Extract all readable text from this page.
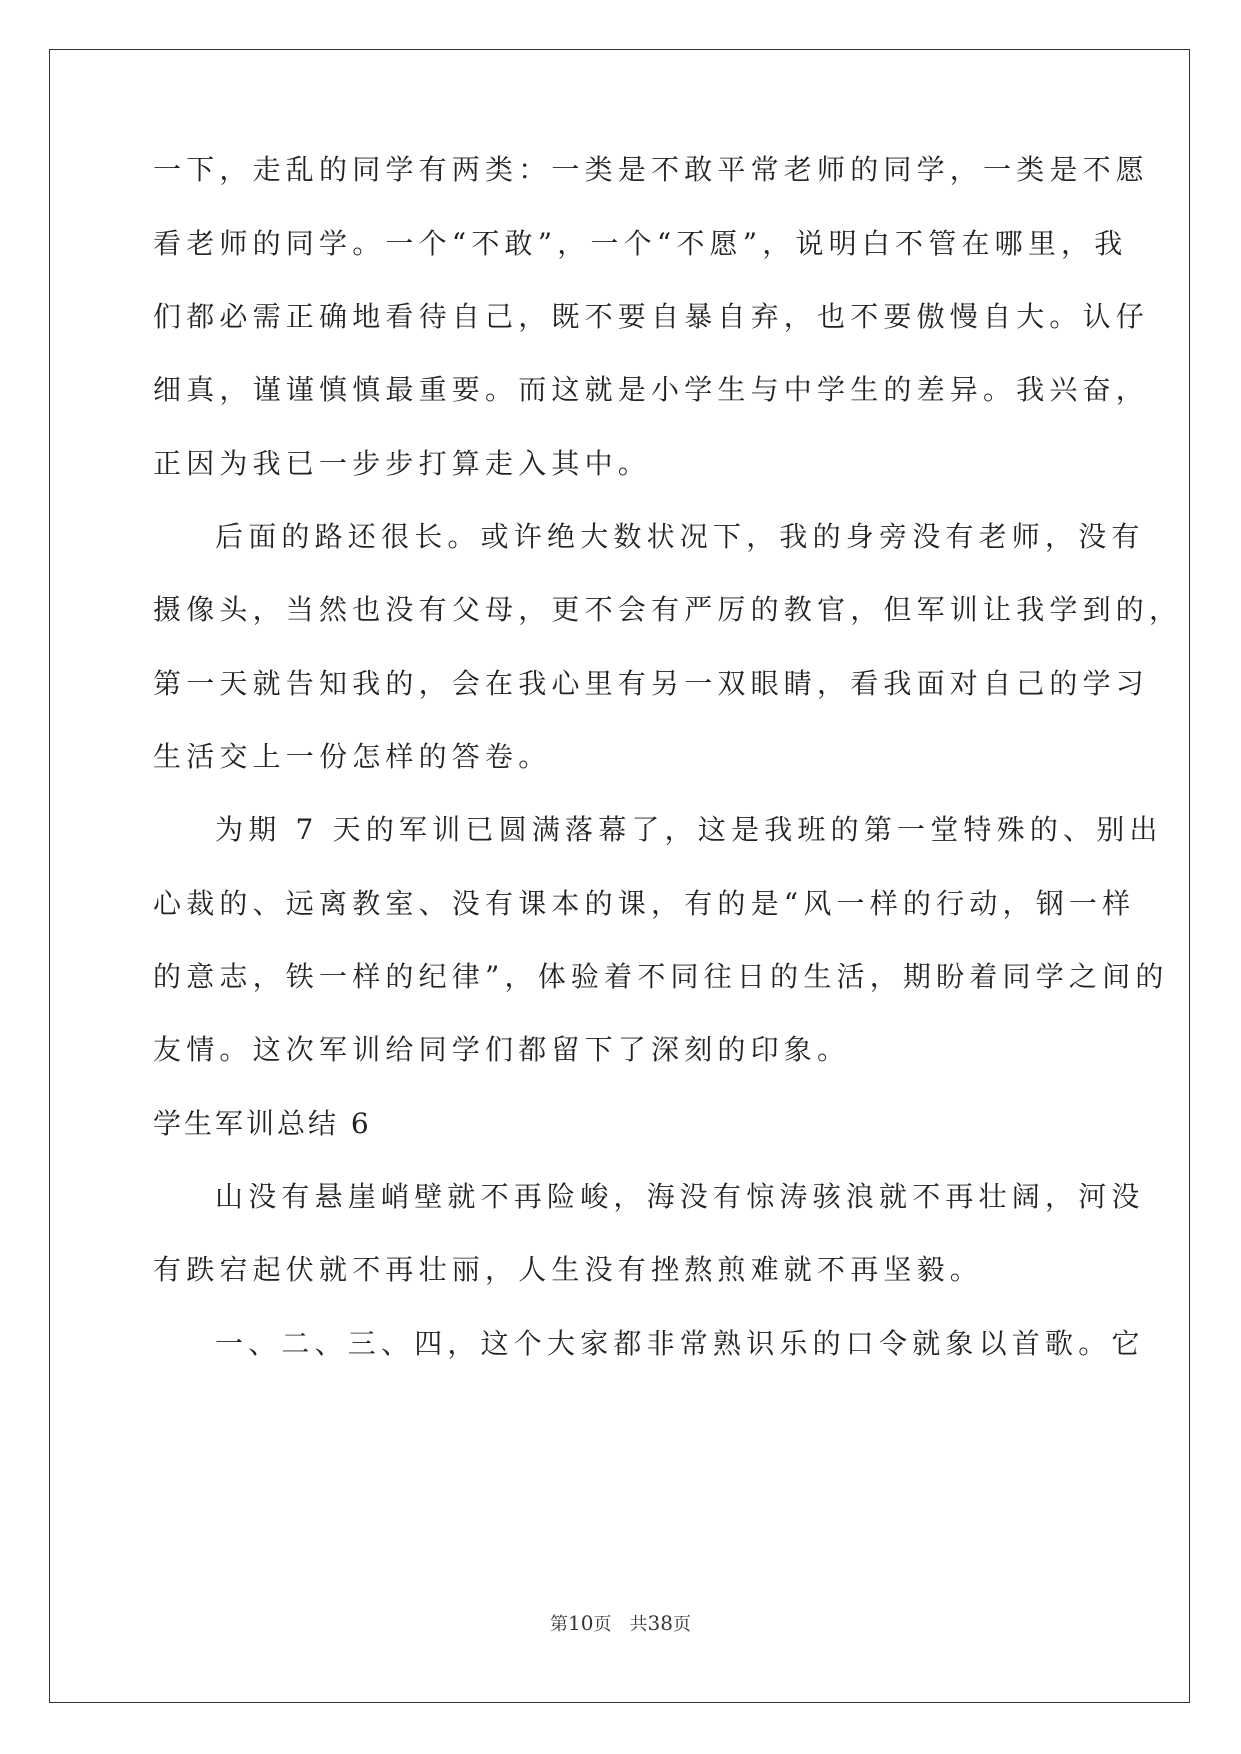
一下，走乱的同学有两类：一类是不敢平常老师的同学，一类是不愿
看老师的同学。一个“不敢”，一个“不愿”，说明白不管在哪里，我
们都必需正确地看待自己，既不要自暴自弃，也不要傲慢自大。认仔
细真，谨谨慎慎最重要。而这就是小学生与中学生的差异。我兴奋，
正因为我已一步步打算走入其中。
后面的路还很长。或许绝大数状况下，我的身旁没有老师，没有
摄像头，当然也没有父母，更不会有严厉的教官，但军训让我学到的，
第一天就告知我的，会在我心里有另一双眼睛，看我面对自己的学习
生活交上一份怎样的答卷。
为期 7 天的军训已圆满落幕了，这是我班的第一堂特殊的、别出
心裁的、远离教室、没有课本的课，有的是“风一样的行动，钢一样
的意志，铁一样的纪律”，体验着不同往日的生活，期盼着同学之间的
友情。这次军训给同学们都留下了深刻的印象。
学生军训总结 6
山没有悬崖峭壁就不再险峻，海没有惊涛骇浪就不再壮阔，河没
有跌宕起伏就不再壮丽，人生没有挫熬煎难就不再坚毅。
一、二、三、四，这个大家都非常熟识乐的口令就象以首歌。它
第10页 共38页
